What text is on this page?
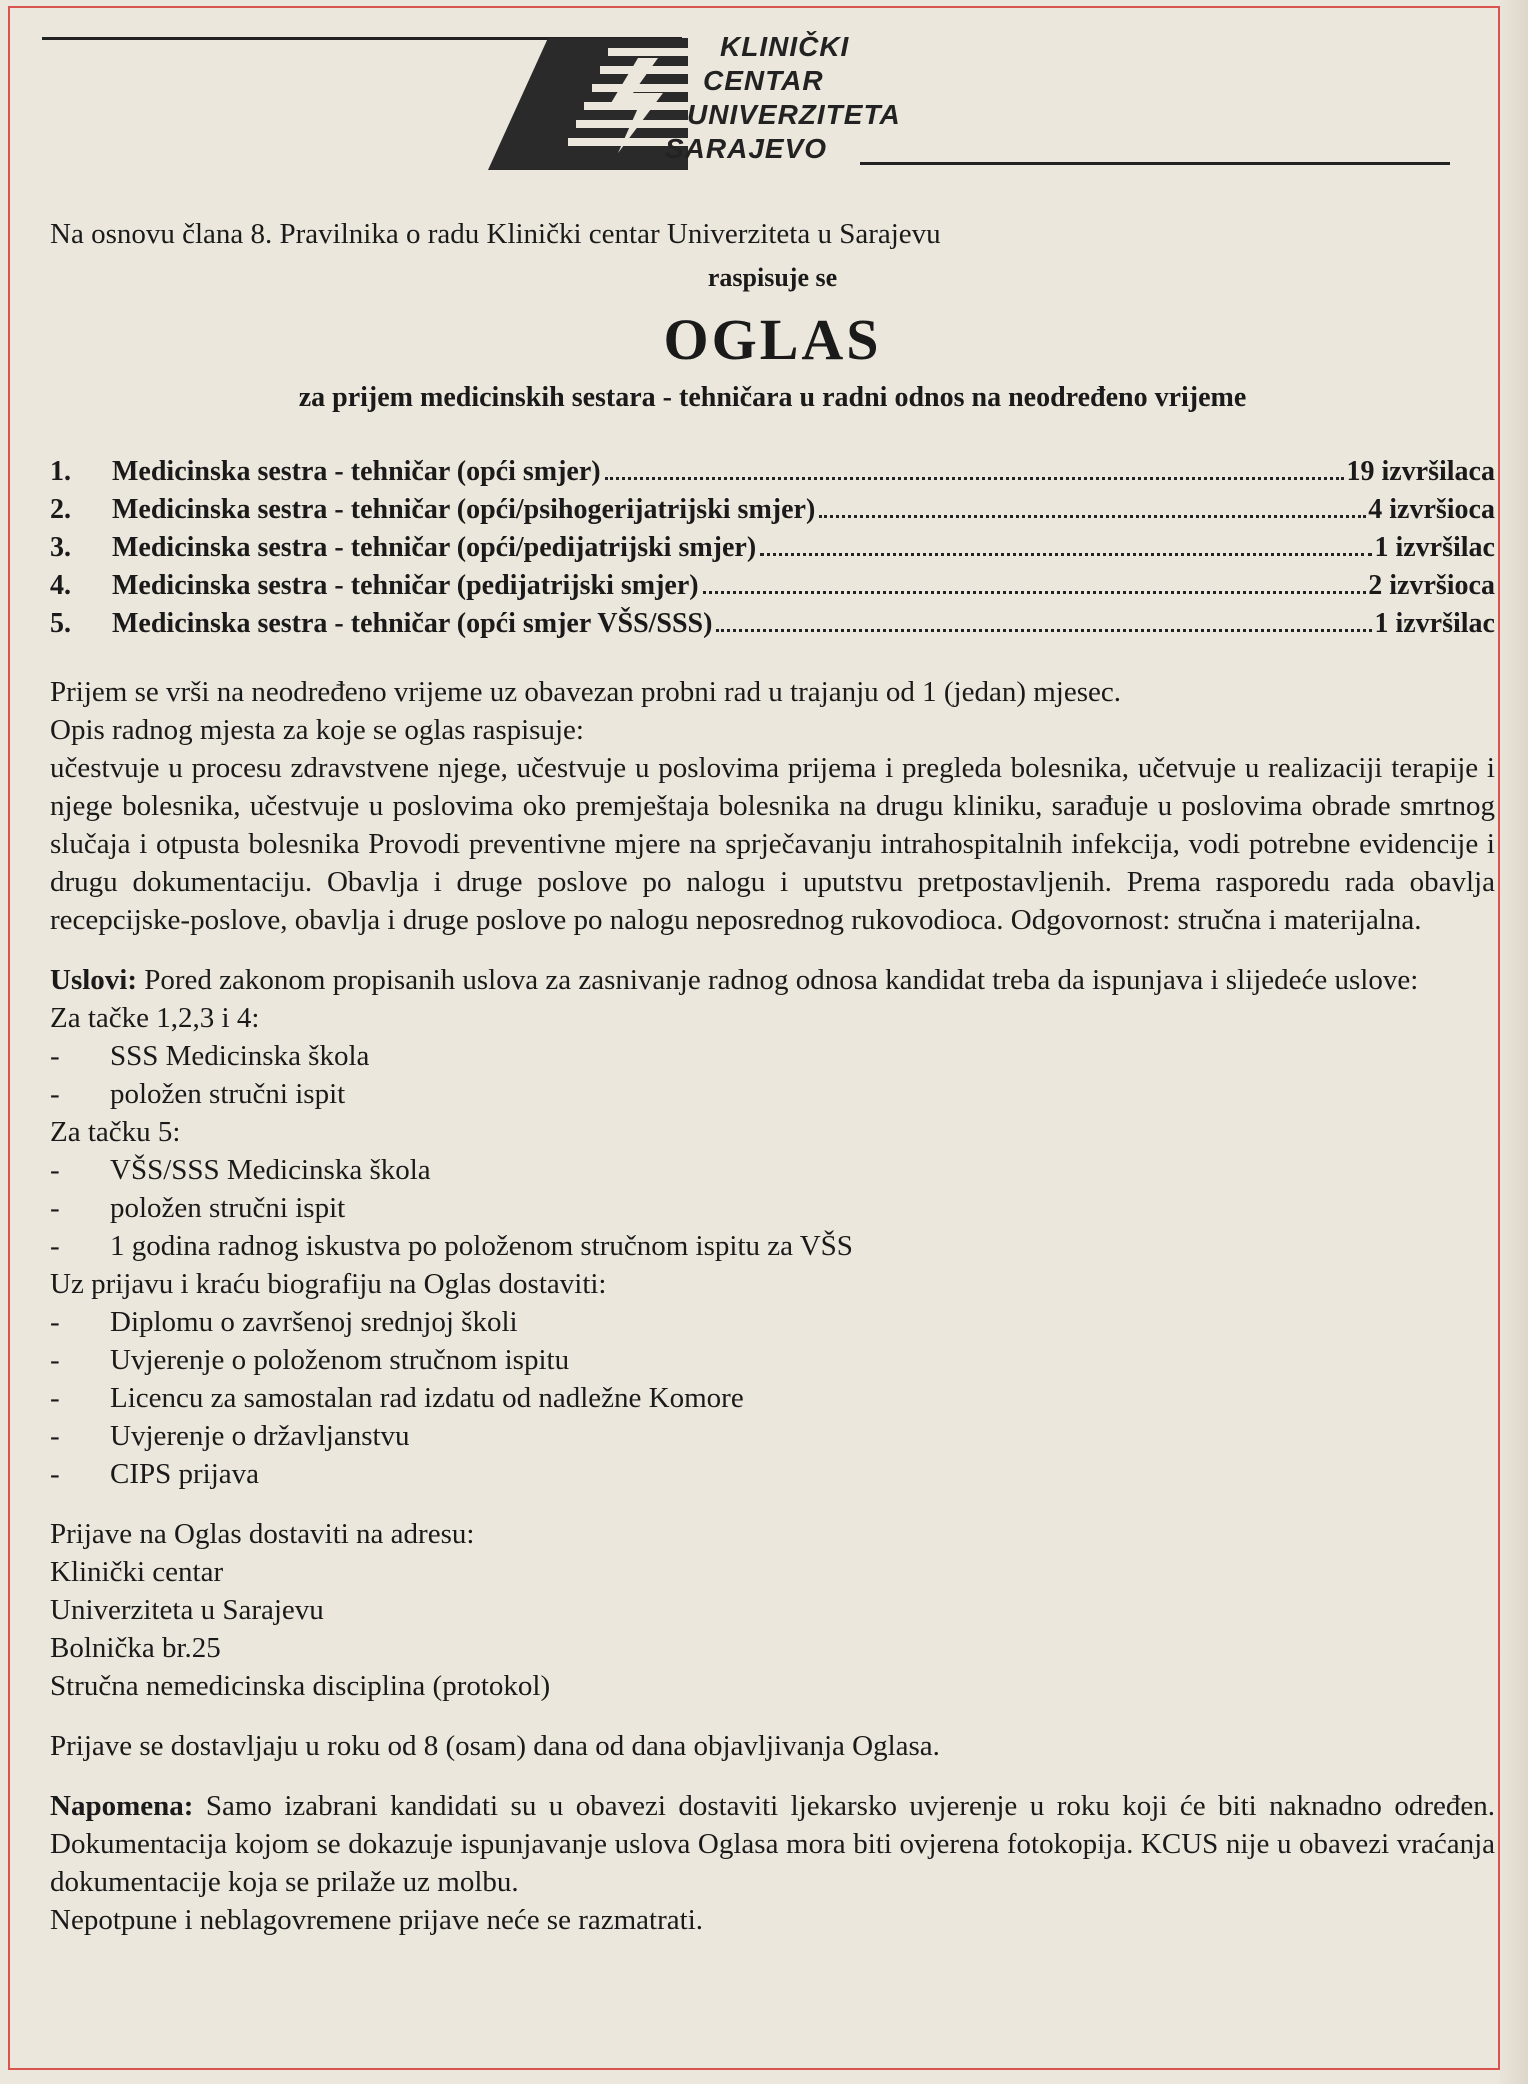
KLINIČKI
CENTAR
UNIVERZITETA
SARAJEVO

Na osnovu člana 8. Pravilnika o radu Klinički centar Univerziteta u Sarajevu

raspisuje se
OGLAS
za prijem medicinskih sestara - tehničara u radni odnos na neodređeno vrijeme
1.	Medicinska sestra - tehničar (opći smjer)	19 izvršilaca
2.	Medicinska sestra - tehničar (opći/psihogerijatrijski smjer)	4 izvršioca
3.	Medicinska sestra - tehničar (opći/pedijatrijski smjer)	1 izvršilac
4.	Medicinska sestra - tehničar (pedijatrijski smjer)	2 izvršioca
5.	Medicinska sestra - tehničar (opći smjer VŠS/SSS)	1 izvršilac
Prijem se vrši na neodređeno vrijeme uz obavezan probni rad u trajanju od 1 (jedan) mjesec.
Opis radnog mjesta za koje se oglas raspisuje:
učestvuje u procesu zdravstvene njege, učestvuje u poslovima prijema i pregleda bolesnika, učetvuje u realizaciji terapije i njege bolesnika, učestvuje u poslovima oko premještaja bolesnika na drugu kliniku, sarađuje u poslovima obrade smrtnog slučaja i otpusta bolesnika Provodi preventivne mjere na sprječavanju intrahospitalnih infekcija, vodi potrebne evidencije i drugu dokumentaciju. Obavlja i druge poslove po nalogu i uputstvu pretpostavljenih. Prema rasporedu rada obavlja recepcijske-poslove, obavlja i druge poslove po nalogu neposrednog rukovodioca. Odgovornost: stručna i materijalna.
Uslovi: Pored zakonom propisanih uslova za zasnivanje radnog odnosa kandidat treba da ispunjava i slijedeće uslove:
Za tačke 1,2,3 i 4:
-	SSS Medicinska škola
-	položen stručni ispit
Za tačku 5:
-	VŠS/SSS Medicinska škola
-	položen stručni ispit
-	1 godina radnog iskustva po položenom stručnom ispitu za VŠS
Uz prijavu i kraću biografiju na Oglas dostaviti:
-	Diplomu o završenoj srednjoj školi
-	Uvjerenje o položenom stručnom ispitu
-	Licencu za samostalan rad izdatu od nadležne Komore
-	Uvjerenje o državljanstvu
-	CIPS prijava
Prijave na Oglas dostaviti na adresu:
Klinički centar
Univerziteta u Sarajevu
Bolnička br.25
Stručna nemedicinska disciplina (protokol)
Prijave se dostavljaju u roku od 8 (osam) dana od dana objavljivanja Oglasa.
Napomena: Samo izabrani kandidati su u obavezi dostaviti ljekarsko uvjerenje u roku koji će biti naknadno određen. Dokumentacija kojom se dokazuje ispunjavanje uslova Oglasa mora biti ovjerena fotokopija. KCUS nije u obavezi vraćanja dokumentacije koja se prilaže uz molbu.
Nepotpune i neblagovremene prijave neće se razmatrati.
